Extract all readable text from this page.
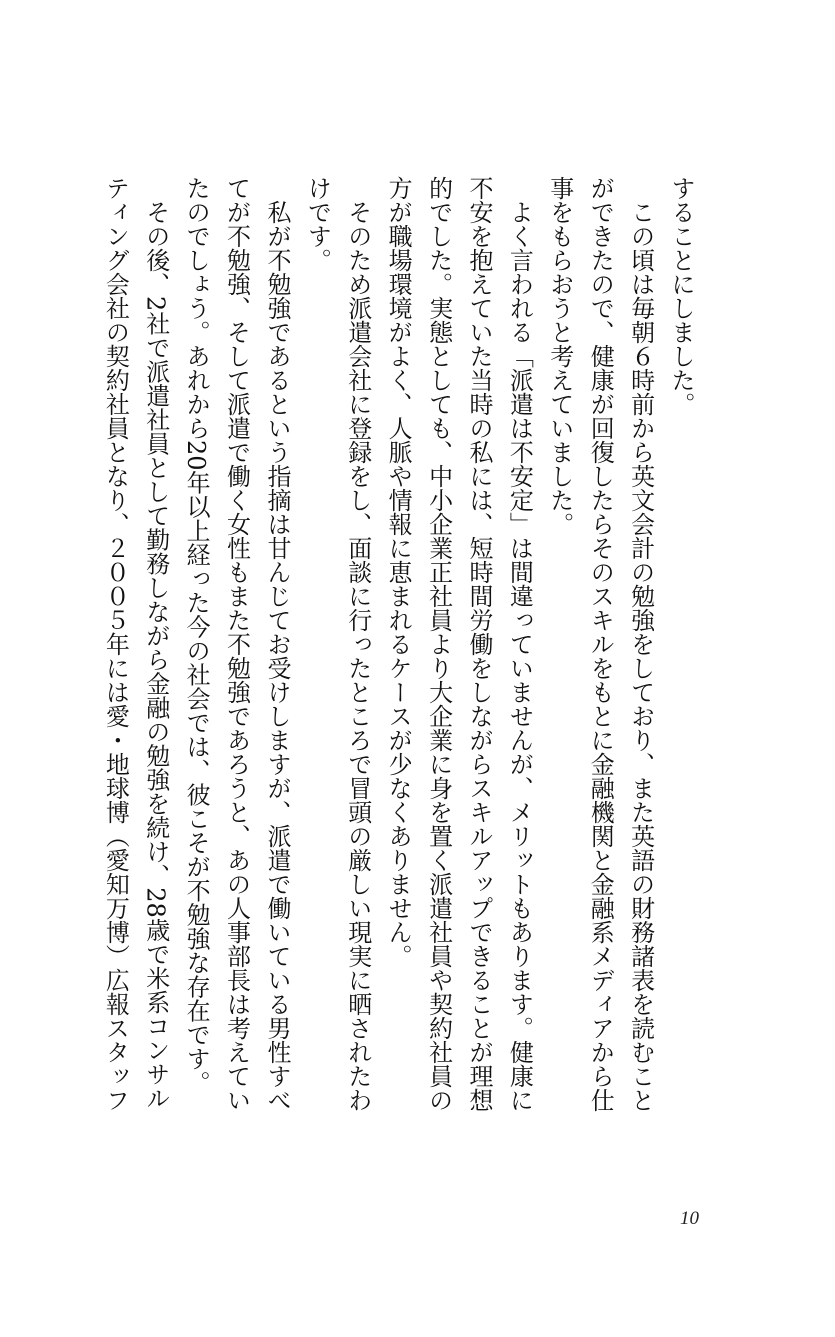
することにしました。
　この頃は毎朝６時前から英文会計の勉強をしており、また英語の財務諸表を読むこと
ができたので、健康が回復したらそのスキルをもとに金融機関と金融系メディアから仕
事をもらおうと考えていました。
　よく言われる「派遣は不安定」は間違っていませんが、メリットもあります。健康に
不安を抱えていた当時の私には、短時間労働をしながらスキルアップできることが理想
的でした。実態としても、中小企業正社員より大企業に身を置く派遣社員や契約社員の
方が職場環境がよく、人脈や情報に恵まれるケースが少なくありません。
　そのため派遣会社に登録をし、面談に行ったところで冒頭の厳しい現実に晒されたわ
けです。
　私が不勉強であるという指摘は甘んじてお受けしますが、派遣で働いている男性すべ
てが不勉強、そして派遣で働く女性もまた不勉強であろうと、あの人事部長は考えてい
たのでしょう。あれから20年以上経った今の社会では、彼こそが不勉強な存在です。
　その後、2社で派遣社員として勤務しながら金融の勉強を続け、28歳で米系コンサル
ティング会社の契約社員となり、２００５年には愛・地球博（愛知万博）広報スタッフ
10
